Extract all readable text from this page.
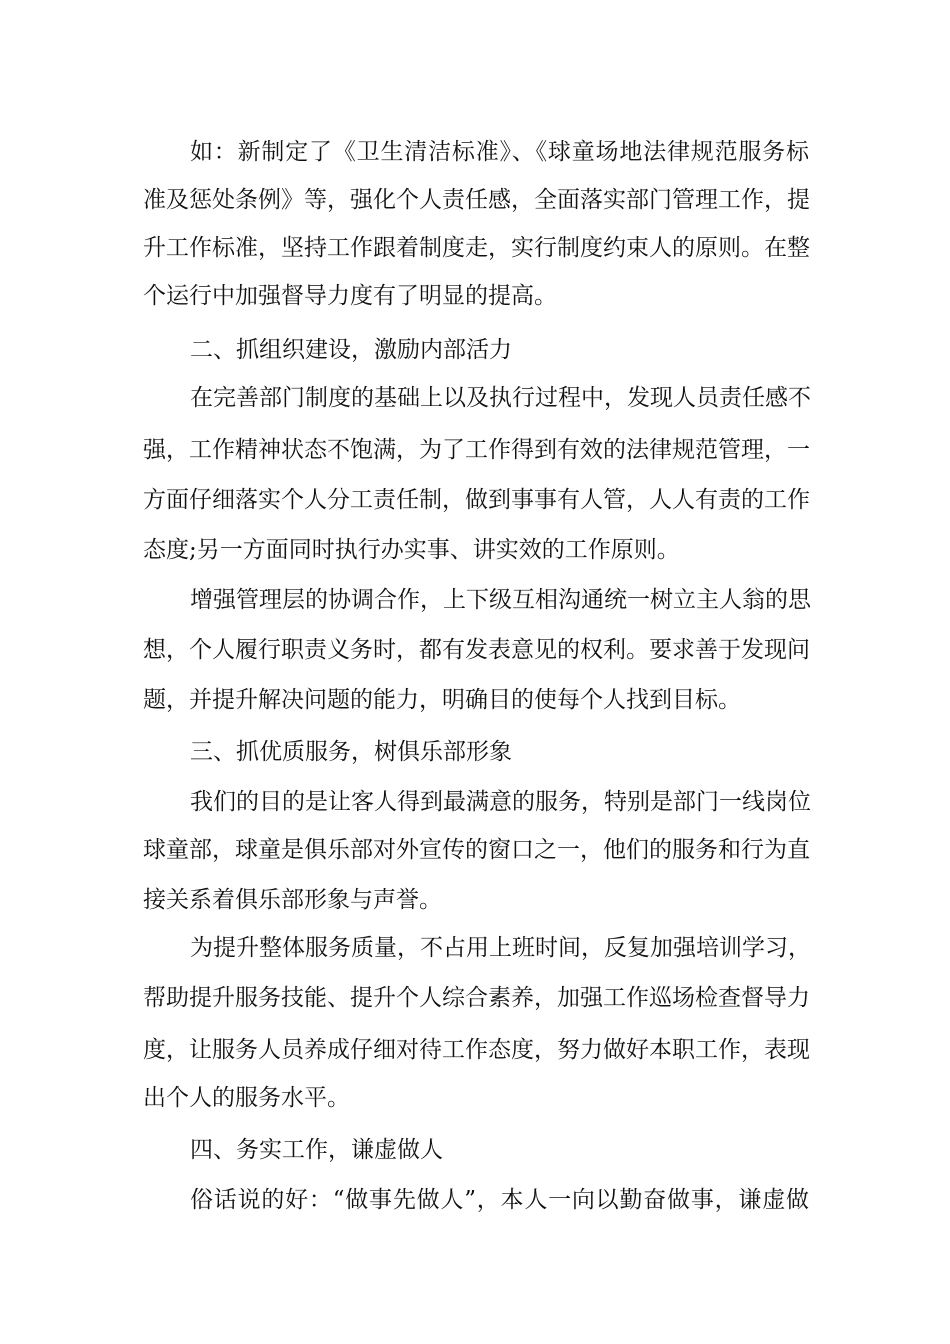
如：新制定了《卫生清洁标准》、《球童场地法律规范服务标
准及惩处条例》等，强化个人责任感，全面落实部门管理工作，提
升工作标准，坚持工作跟着制度走，实行制度约束人的原则。在整
个运行中加强督导力度有了明显的提高。
二、抓组织建设，激励内部活力
在完善部门制度的基础上以及执行过程中，发现人员责任感不
强，工作精神状态不饱满，为了工作得到有效的法律规范管理，一
方面仔细落实个人分工责任制，做到事事有人管，人人有责的工作
态度;另一方面同时执行办实事、讲实效的工作原则。
增强管理层的协调合作，上下级互相沟通统一树立主人翁的思
想，个人履行职责义务时，都有发表意见的权利。要求善于发现问
题，并提升解决问题的能力，明确目的使每个人找到目标。
三、抓优质服务，树俱乐部形象
我们的目的是让客人得到最满意的服务，特别是部门一线岗位
球童部，球童是俱乐部对外宣传的窗口之一，他们的服务和行为直
接关系着俱乐部形象与声誉。
为提升整体服务质量，不占用上班时间，反复加强培训学习，
帮助提升服务技能、提升个人综合素养，加强工作巡场检查督导力
度，让服务人员养成仔细对待工作态度，努力做好本职工作，表现
出个人的服务水平。
四、务实工作，谦虚做人
俗话说的好：“做事先做人”，本人一向以勤奋做事，谦虚做
